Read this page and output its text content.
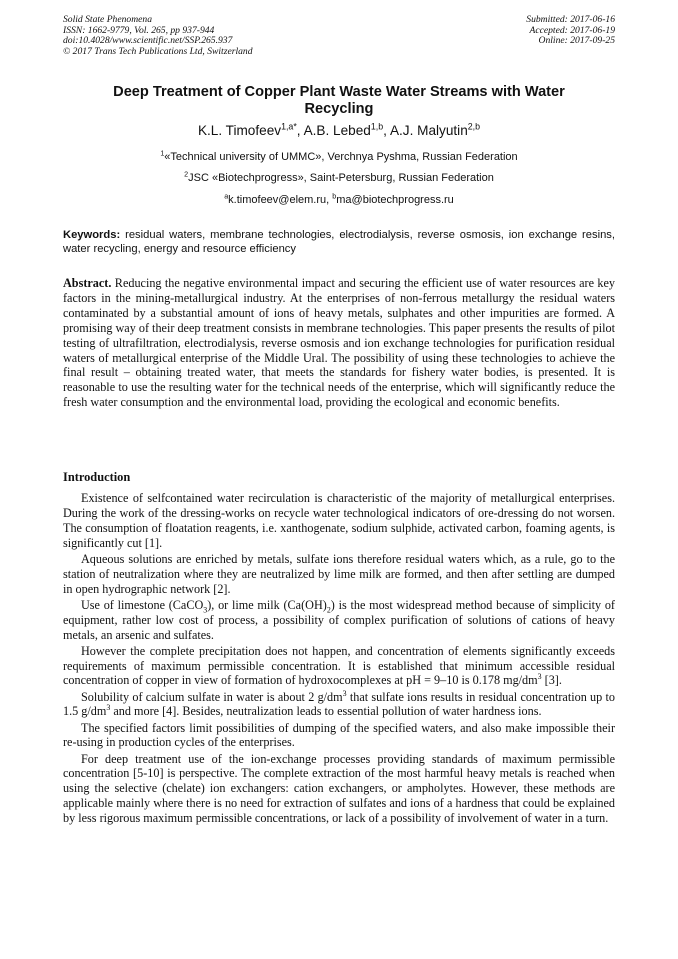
Solid State Phenomena
ISSN: 1662-9779, Vol. 265, pp 937-944
doi:10.4028/www.scientific.net/SSP.265.937
© 2017 Trans Tech Publications Ltd, Switzerland
Submitted: 2017-06-16
Accepted: 2017-06-19
Online: 2017-09-25
Deep Treatment of Copper Plant Waste Water Streams with Water Recycling
K.L. Timofeev$^{1,a*}$, A.B. Lebed$^{1,b}$, A.J. Malyutin$^{2,b}$
$^1$«Technical university of UMMC», Verchnya Pyshma, Russian Federation
$^2$JSC «Biotechprogress», Saint-Petersburg, Russian Federation
$^a$k.timofeev@elem.ru, $^b$ma@biotechprogress.ru
Keywords: residual waters, membrane technologies, electrodialysis, reverse osmosis, ion exchange resins, water recycling, energy and resource efficiency
Abstract. Reducing the negative environmental impact and securing the efficient use of water resources are key factors in the mining-metallurgical industry. At the enterprises of non-ferrous metallurgy the residual waters contaminated by a substantial amount of ions of heavy metals, sulphates and other impurities are formed. A promising way of their deep treatment consists in membrane technologies. This paper presents the results of pilot testing of ultrafiltration, electrodialysis, reverse osmosis and ion exchange technologies for purification residual waters of metallurgical enterprise of the Middle Ural. The possibility of using these technologies to achieve the final result – obtaining treated water, that meets the standards for fishery water bodies, is presented. It is reasonable to use the resulting water for the technical needs of the enterprise, which will significantly reduce the fresh water consumption and the environmental load, providing the ecological and economic benefits.
Introduction

Existence of selfcontained water recirculation is characteristic of the majority of metallurgical enterprises. During the work of the dressing-works on recycle water technological indicators of ore-dressing do not worsen. The consumption of floatation reagents, i.e. xanthogenate, sodium sulphide, activated carbon, foaming agents, is significantly cut [1].

Aqueous solutions are enriched by metals, sulfate ions therefore residual waters which, as a rule, go to the station of neutralization where they are neutralized by lime milk are formed, and then after settling are dumped in open hydrographic network [2].

Use of limestone (CaCO$_3$), or lime milk $(Ca(OH)_2)$ is the most widespread method because of simplicity of equipment, rather low cost of process, a possibility of complex purification of solutions of cations of heavy metals, an arsenic and sulfates.

However the complete precipitation does not happen, and concentration of elements significantly exceeds requirements of maximum permissible concentration. It is established that minimum accessible residual concentration of copper in view of formation of hydroxocomplexes at pH = 9–10 is 0.178 $mg/dm^3$ [3].

Solubility of calcium sulfate in water is about 2 $g/dm^3$ that sulfate ions results in residual concentration up to 1.5 $g/dm^3$ and more [4]. Besides, neutralization leads to essential pollution of water hardness ions.

The specified factors limit possibilities of dumping of the specified waters, and also make impossible their re-using in production cycles of the enterprises.

For deep treatment use of the ion-exchange processes providing standards of maximum permissible concentration [5-10] is perspective. The complete extraction of the most harmful heavy metals is reached when using the selective (chelate) ion exchangers: cation exchangers, or ampholytes. However, these methods are applicable mainly where there is no need for extraction of sulfates and ions of a hardness that could be explained by less rigorous maximum permissible concentrations, or lack of a possibility of involvement of water in a turn.
